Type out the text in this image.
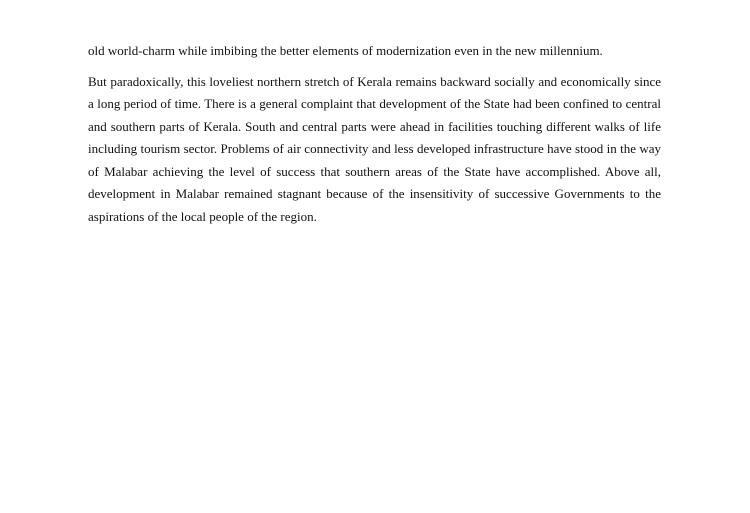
old world-charm while imbibing the better elements of modernization even in the new millennium.

But paradoxically, this loveliest northern stretch of Kerala remains backward socially and economically since a long period of time. There is a general complaint that development of the State had been confined to central and southern parts of Kerala. South and central parts were ahead in facilities touching different walks of life including tourism sector. Problems of air connectivity and less developed infrastructure have stood in the way of Malabar achieving the level of success that southern areas of the State have accomplished. Above all, development in Malabar remained stagnant because of the insensitivity of successive Governments to the aspirations of the local people of the region.
